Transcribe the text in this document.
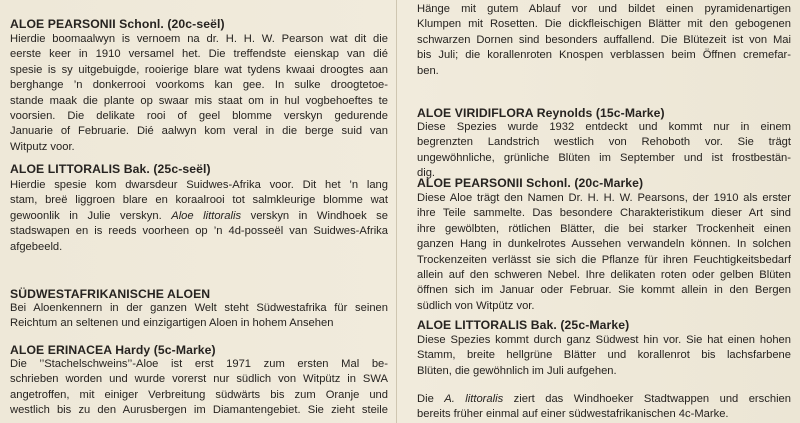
ALOE PEARSONII Schonl. (20c-seël)
Hierdie boomaalwyn is vernoem na dr. H. H. W. Pearson wat dit die
eerste keer in 1910 versamel het. Die treffendste eienskap van dié
spesie is sy uitgebuigde, rooierige blare wat tydens kwaai droogtes aan
berghange ’n donkerrooi voorkoms kan gee. In sulke droogtetoe-
stande maak die plante op swaar mis staat om in hul vogbehoeftes te
voorsien. Die delikate rooi of geel blomme verskyn gedurende
Januarie of Februarie. Dié aalwyn kom veral in die berge suid van
Witputz voor.
ALOE LITTORALIS Bak. (25c-seël)
Hierdie spesie kom dwarsdeur Suidwes-Afrika voor. Dit het ’n lang
stam, breë liggroen blare en koraalrooi tot salmkleurige blomme wat
gewoonlik in Julie verskyn. Aloe littoralis verskyn in Windhoek se
stadswapen en is reeds voorheen op ’n 4d-posseël van Suidwes-Afrika
afgebeeld.
SÜDWESTAFRIKANISCHE ALOEN
Bei Aloenkennern in der ganzen Welt steht Südwestafrika für seinen
Reichtum an seltenen und einzigartigen Aloen in hohem Ansehen
ALOE ERINACEA Hardy (5c-Marke)
Die ’’Stachelschweins’’-Aloe ist erst 1971 zum ersten Mal be-
schrieben worden und wurde vorerst nur südlich von Witpütz in SWA
angetroffen, mit einiger Verbreitung südwärts bis zum Oranje und
westlich bis zu den Aurusbergen im Diamantengebiet. Sie zieht steile
Hänge mit gutem Ablauf vor und bildet einen pyramidenartigen
Klumpen mit Rosetten. Die dickfleischigen Blätter mit den gebogenen
schwarzen Dornen sind besonders auffallend. Die Blütezeit ist von Mai
bis Juli; die korallenroten Knospen verblassen beim Öffnen cremefar-
ben.
ALOE VIRIDIFLORA Reynolds (15c-Marke)
Diese Spezies wurde 1932 entdeckt und kommt nur in einem
begrenzten Landstrich westlich von Rehoboth vor. Sie trägt
ungewöhnliche, grünliche Blüten im September und ist frostbestän-
dig.
ALOE PEARSONII Schonl. (20c-Marke)
Diese Aloe trägt den Namen Dr. H. H. W. Pearsons, der 1910 als erster
ihre Teile sammelte. Das besondere Charakteristikum dieser Art sind
ihre gewölbten, rötlichen Blätter, die bei starker Trockenheit einen
ganzen Hang in dunkelrotes Aussehen verwandeln können. In solchen
Trockenzeiten verlässt sie sich die Pflanze für ihren Feuchtigkeitsbedarf
allein auf den schweren Nebel. Ihre delikaten roten oder gelben Blüten
öffnen sich im Januar oder Februar. Sie kommt allein in den Bergen
südlich von Witpütz vor.
ALOE LITTORALIS Bak. (25c-Marke)
Diese Spezies kommt durch ganz Südwest hin vor. Sie hat einen hohen
Stamm, breite hellgrüne Blätter und korallenrot bis lachsfarbene
Blüten, die gewöhnlich im Juli aufgehen.
Die A. littoralis ziert das Windhoeker Stadtwappen und erschien
bereits früher einmal auf einer südwestafrikanischen 4c-Marke.
